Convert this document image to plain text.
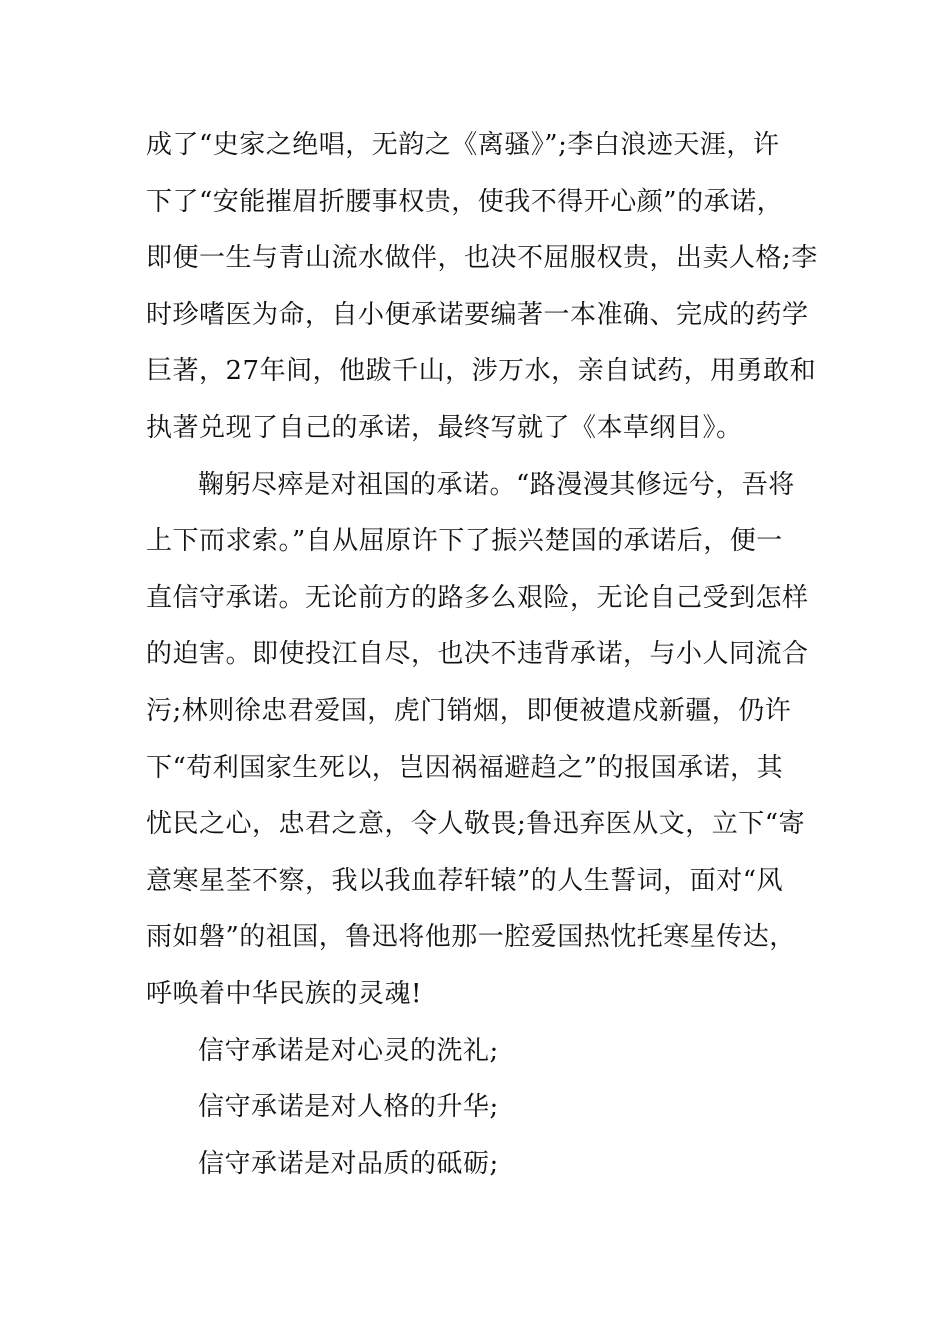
成了“史家之绝唱，无韵之《离骚》”;李白浪迹天涯，许
下了“安能摧眉折腰事权贵，使我不得开心颜”的承诺，
即便一生与青山流水做伴，也决不屈服权贵，出卖人格;李
时珍嗜医为命，自小便承诺要编著一本准确、完成的药学
巨著，27年间，他跋千山，涉万水，亲自试药，用勇敢和
执著兑现了自己的承诺，最终写就了《本草纲目》。
鞠躬尽瘁是对祖国的承诺。“路漫漫其修远兮，吾将
上下而求索。”自从屈原许下了振兴楚国的承诺后，便一
直信守承诺。无论前方的路多么艰险，无论自己受到怎样
的迫害。即使投江自尽，也决不违背承诺，与小人同流合
污;林则徐忠君爱国，虎门销烟，即便被遣戍新疆，仍许
下“苟利国家生死以，岂因祸福避趋之”的报国承诺，其
忧民之心，忠君之意，令人敬畏;鲁迅弃医从文，立下“寄
意寒星荃不察，我以我血荐轩辕”的人生誓词，面对“风
雨如磐”的祖国，鲁迅将他那一腔爱国热忱托寒星传达，
呼唤着中华民族的灵魂!
信守承诺是对心灵的洗礼;
信守承诺是对人格的升华;
信守承诺是对品质的砥砺;
